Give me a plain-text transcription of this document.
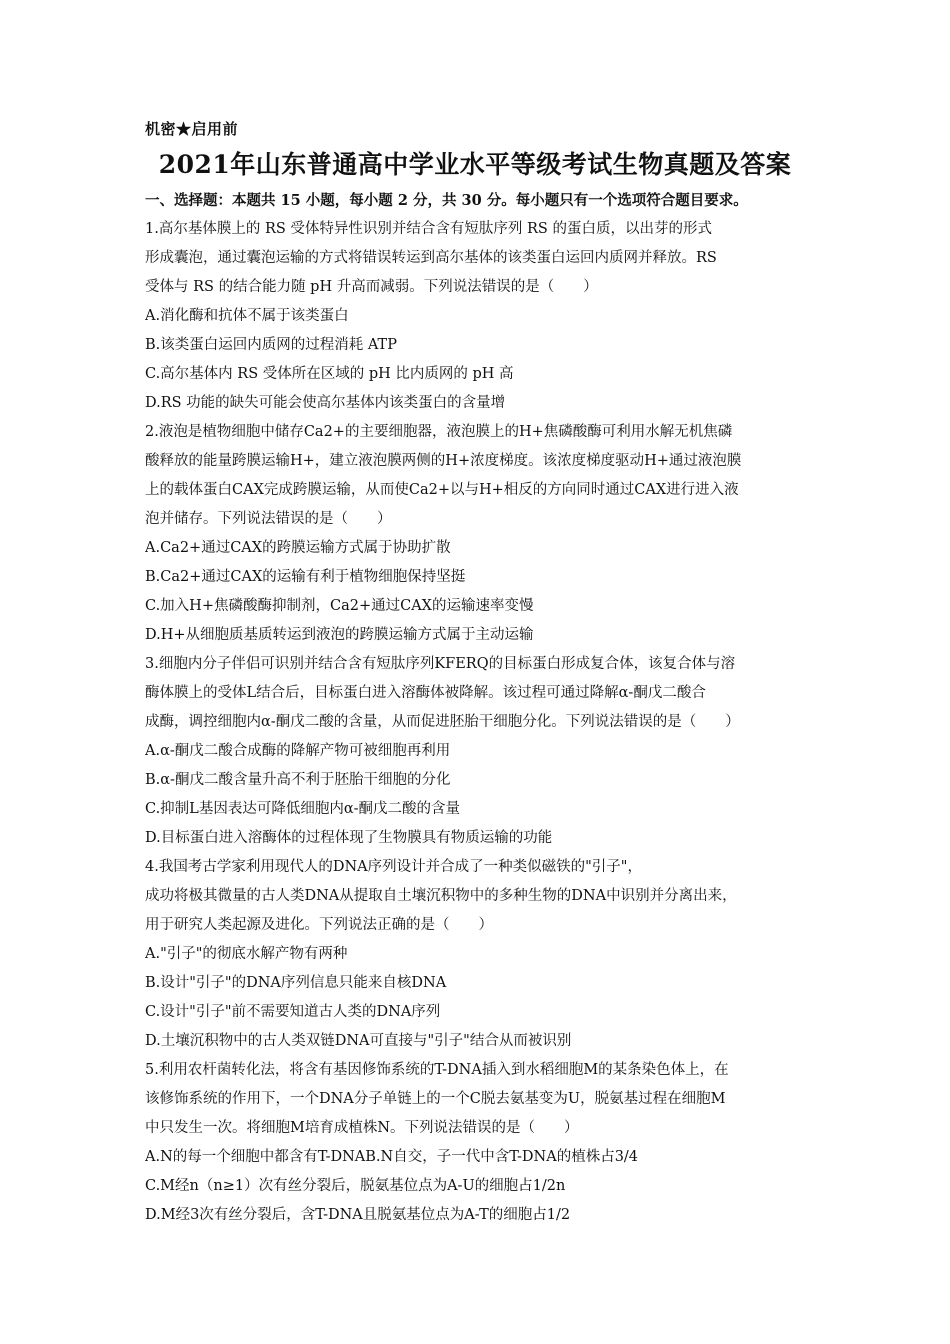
机密★启用前
2021年山东普通高中学业水平等级考试生物真题及答案
一、选择题：本题共 15 小题，每小题 2 分，共 30 分。每小题只有一个选项符合题目要求。
1.高尔基体膜上的 RS 受体特异性识别并结合含有短肽序列 RS 的蛋白质，以出芽的形式
形成囊泡，通过囊泡运输的方式将错误转运到高尔基体的该类蛋白运回内质网并释放。RS
受体与 RS 的结合能力随 pH 升高而减弱。下列说法错误的是（　　）
A.消化酶和抗体不属于该类蛋白
B.该类蛋白运回内质网的过程消耗 ATP
C.高尔基体内 RS 受体所在区域的 pH 比内质网的 pH 高
D.RS 功能的缺失可能会使高尔基体内该类蛋白的含量增
2.液泡是植物细胞中储存Ca2+的主要细胞器，液泡膜上的H+焦磷酸酶可利用水解无机焦磷
酸释放的能量跨膜运输H+，建立液泡膜两侧的H+浓度梯度。该浓度梯度驱动H+通过液泡膜
上的载体蛋白CAX完成跨膜运输，从而使Ca2+以与H+相反的方向同时通过CAX进行进入液
泡并储存。下列说法错误的是（　　）
A.Ca2+通过CAX的跨膜运输方式属于协助扩散
B.Ca2+通过CAX的运输有利于植物细胞保持坚挺
C.加入H+焦磷酸酶抑制剂，Ca2+通过CAX的运输速率变慢
D.H+从细胞质基质转运到液泡的跨膜运输方式属于主动运输
3.细胞内分子伴侣可识别并结合含有短肽序列KFERQ的目标蛋白形成复合体，该复合体与溶
酶体膜上的受体L结合后，目标蛋白进入溶酶体被降解。该过程可通过降解α-酮戊二酸合
成酶，调控细胞内α-酮戊二酸的含量，从而促进胚胎干细胞分化。下列说法错误的是（　　）
A.α-酮戊二酸合成酶的降解产物可被细胞再利用
B.α-酮戊二酸含量升高不利于胚胎干细胞的分化
C.抑制L基因表达可降低细胞内α-酮戊二酸的含量
D.目标蛋白进入溶酶体的过程体现了生物膜具有物质运输的功能
4.我国考古学家利用现代人的DNA序列设计并合成了一种类似磁铁的"引子"，
成功将极其微量的古人类DNA从提取自土壤沉积物中的多种生物的DNA中识别并分离出来，
用于研究人类起源及进化。下列说法正确的是（　　）
A."引子"的彻底水解产物有两种
B.设计"引子"的DNA序列信息只能来自核DNA
C.设计"引子"前不需要知道古人类的DNA序列
D.土壤沉积物中的古人类双链DNA可直接与"引子"结合从而被识别
5.利用农杆菌转化法，将含有基因修饰系统的T-DNA插入到水稻细胞M的某条染色体上，在
该修饰系统的作用下，一个DNA分子单链上的一个C脱去氨基变为U，脱氨基过程在细胞M
中只发生一次。将细胞M培育成植株N。下列说法错误的是（　　）
A.N的每一个细胞中都含有T-DNAB.N自交，子一代中含T-DNA的植株占3/4
C.M经n（n≥1）次有丝分裂后，脱氨基位点为A-U的细胞占1/2n
D.M经3次有丝分裂后，含T-DNA且脱氨基位点为A-T的细胞占1/2
